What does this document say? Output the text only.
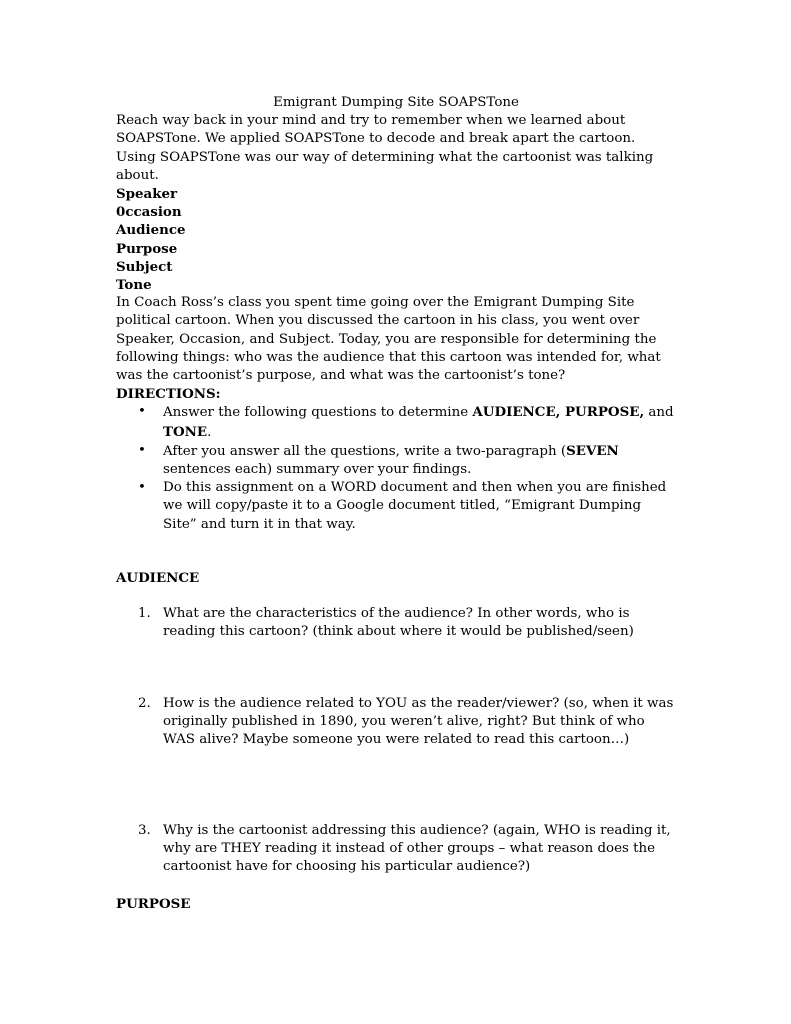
Emigrant Dumping Site SOAPSTone

Reach way back in your mind and try to remember when we learned about SOAPSTone. We applied SOAPSTone to decode and break apart the cartoon. Using SOAPSTone was our way of determining what the cartoonist was talking about.

Speaker
0ccasion
Audience
Purpose
Subject
Tone

In Coach Ross’s class you spent time going over the Emigrant Dumping Site political cartoon. When you discussed the cartoon in his class, you went over Speaker, Occasion, and Subject. Today, you are responsible for determining the following things: who was the audience that this cartoon was intended for, what was the cartoonist’s purpose, and what was the cartoonist’s tone?

DIRECTIONS:

• Answer the following questions to determine AUDIENCE, PURPOSE, and TONE.
• After you answer all the questions, write a two-paragraph (SEVEN sentences each) summary over your findings.
• Do this assignment on a WORD document and then when you are finished we will copy/paste it to a Google document titled, “Emigrant Dumping Site” and turn it in that way.
AUDIENCE
1. What are the characteristics of the audience? In other words, who is reading this cartoon? (think about where it would be published/seen)
2. How is the audience related to YOU as the reader/viewer? (so, when it was originally published in 1890, you weren’t alive, right? But think of who WAS alive? Maybe someone you were related to read this cartoon…)
3. Why is the cartoonist addressing this audience? (again, WHO is reading it, why are THEY reading it instead of other groups – what reason does the cartoonist have for choosing his particular audience?)
PURPOSE
